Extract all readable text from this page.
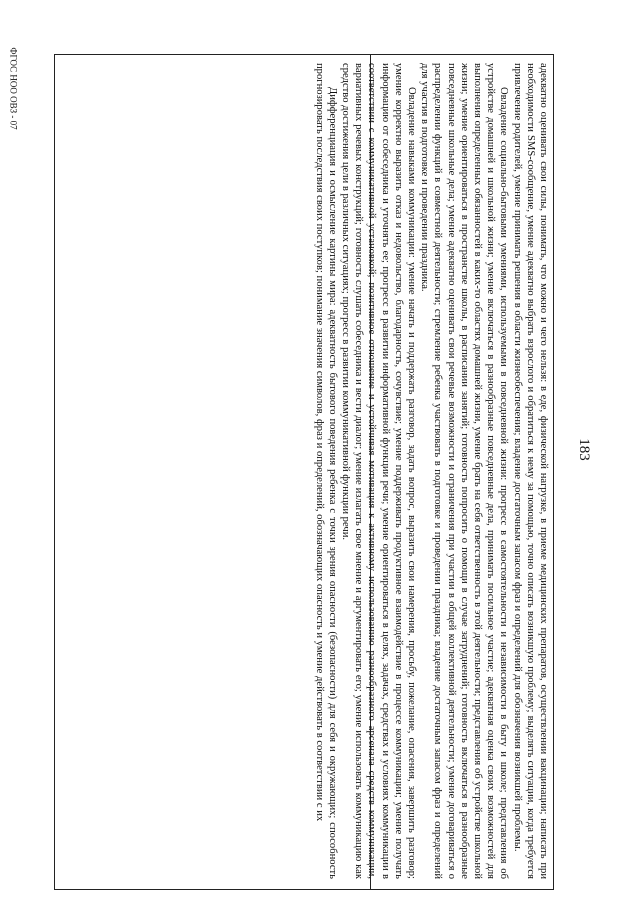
183
ФГОС НОО ОВЗ - 07	адекватно оценивать свои силы, понимать, что можно и чего нельзя: в еде, физической нагрузке, в приеме медицинских препаратов, осуществлении вакцинации; написать при необходимости SMS-сообщение, умение адекватно выбрать взрослого и обратиться к нему за помощью, точно описать возникшую проблему; выделять ситуации, когда требуется привлечение родителей, умение принимать решения в области жизнеобеспечения; владение достаточным запасом фраз и определений для обозначения возникшей проблемы.

Овладение социально-бытовыми умениями, используемыми в повседневной жизни: прогресс в самостоятельности и независимости в быту и школе; представления об устройстве домашней и школьной жизни; умение включаться в разнообразные повседневные дела, принимать посильное участие; адекватная оценка своих возможностей для выполнения определенных обязанностей в каких-то областях домашней жизни, умение брать на себя ответственность в этой деятельности; представления об устройстве школьной жизни; умение ориентироваться в пространстве школы, в расписании занятий; готовность попросить о помощи в случае затруднений; готовность включаться в разнообразные повседневные школьные дела; умение адекватно оценивать свои речевые возможности и ограничения при участии в общей коллективной деятельности; умение договариваться о распределении функций в совместной деятельности; стремление ребенка участвовать в подготовке и проведении праздника; владение достаточным запасом фраз и определений для участия в подготовке и проведении праздника.

Овладение навыками коммуникации: умение начать и поддержать разговор, задать вопрос, выразить свои намерения, просьбу, пожелание, опасения, завершить разговор; умение корректно выразить отказ и недовольство, благодарность, сочувствие; умение поддерживать продуктивное взаимодействие в процессе коммуникации; умение получать информацию от собеседника и уточнять ее; прогресс в развитии информативной функции речи; умение ориентироваться в целях, задачах, средствах и условиях коммуникации в соответствии с коммуникативной установкой; позитивное отношение и устойчивая мотивация к активному использованию разнообразного арсенала средств коммуникации, вариативных речевых конструкций; готовность слушать собеседника и вести диалог; умение излагать свое мнение и аргументировать его; умение использовать коммуникацию как средство достижения цели в различных ситуациях; прогресс в развитии коммуникативной функции речи.

Дифференциация и осмысление картины мира: адекватность бытового поведения ребенка с точки зрения опасности (безопасности) для себя и окружающих; способность прогнозировать последствия своих поступков; понимание значения символов, фраз и определений, обозначающих опасность и умение действовать в соответствии с их
